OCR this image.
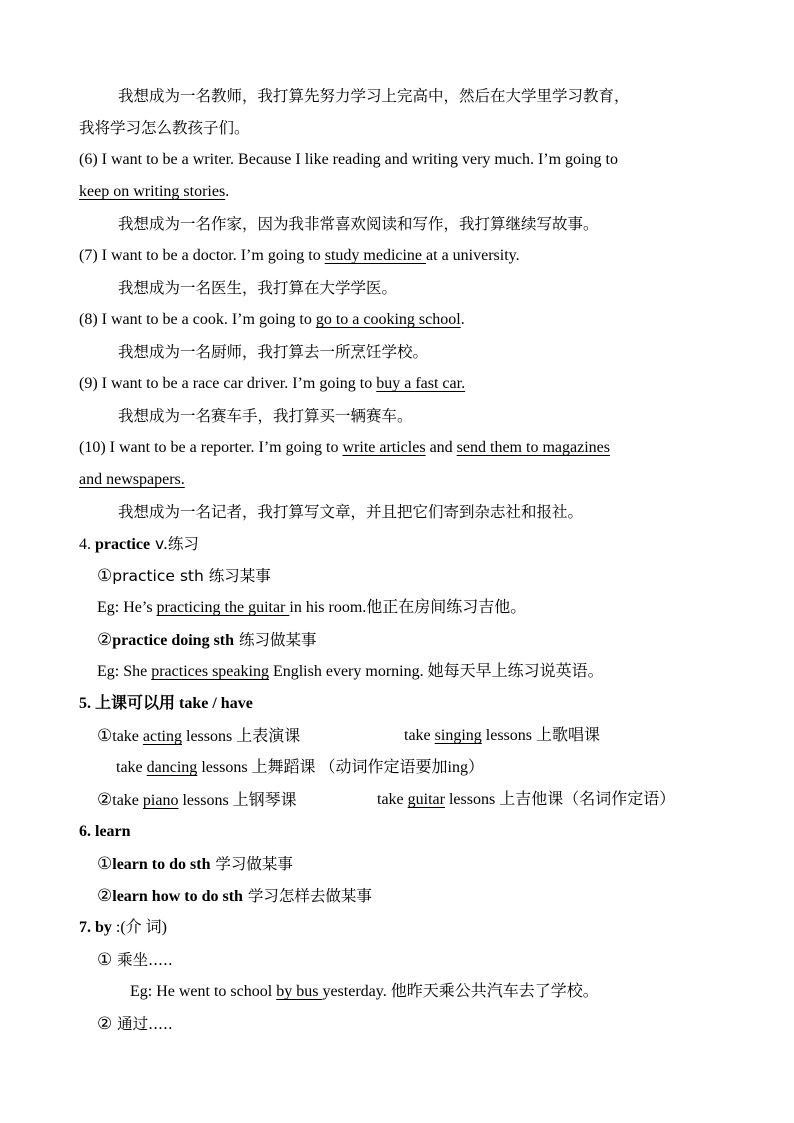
我想成为一名教师，我打算先努力学习上完高中，然后在大学里学习教育，
我将学习怎么教孩子们。
(6) I want to be a writer. Because I like reading and writing very much. I’m going to
keep on writing stories.
我想成为一名作家，因为我非常喜欢阅读和写作，我打算继续写故事。
(7) I want to be a doctor. I’m going to study medicine at a university.
我想成为一名医生，我打算在大学学医。
(8) I want to be a cook. I’m going to go to a cooking school.
我想成为一名厨师，我打算去一所烹饪学校。
(9) I want to be a race car driver. I’m going to buy a fast car.
我想成为一名赛车手，我打算买一辆赛车。
(10) I want to be a reporter. I’m going to write articles and send them to magazines
and newspapers.
我想成为一名记者，我打算写文章，并且把它们寄到杂志社和报社。
4. practice v.练习
①practice sth 练习某事
Eg: He’s practicing the guitar in his room.他正在房间练习吉他。
②practice doing sth 练习做某事
Eg: She practices speaking English every morning. 她每天早上练习说英语。
5. 上课可以用 take / have
①take acting lessons 上表演课	take singing lessons 上歌唱课
take dancing lessons 上舞蹈课 （动词作定语要加ing）
②take piano lessons 上钢琴课	take guitar lessons 上吉他课（名词作定语）
6. learn
①learn to do sth 学习做某事
②learn how to do sth 学习怎样去做某事
7. by :(介 词)
① 乘坐.....
Eg: He went to school by bus yesterday. 他昨天乘公共汽车去了学校。
② 通过.....
